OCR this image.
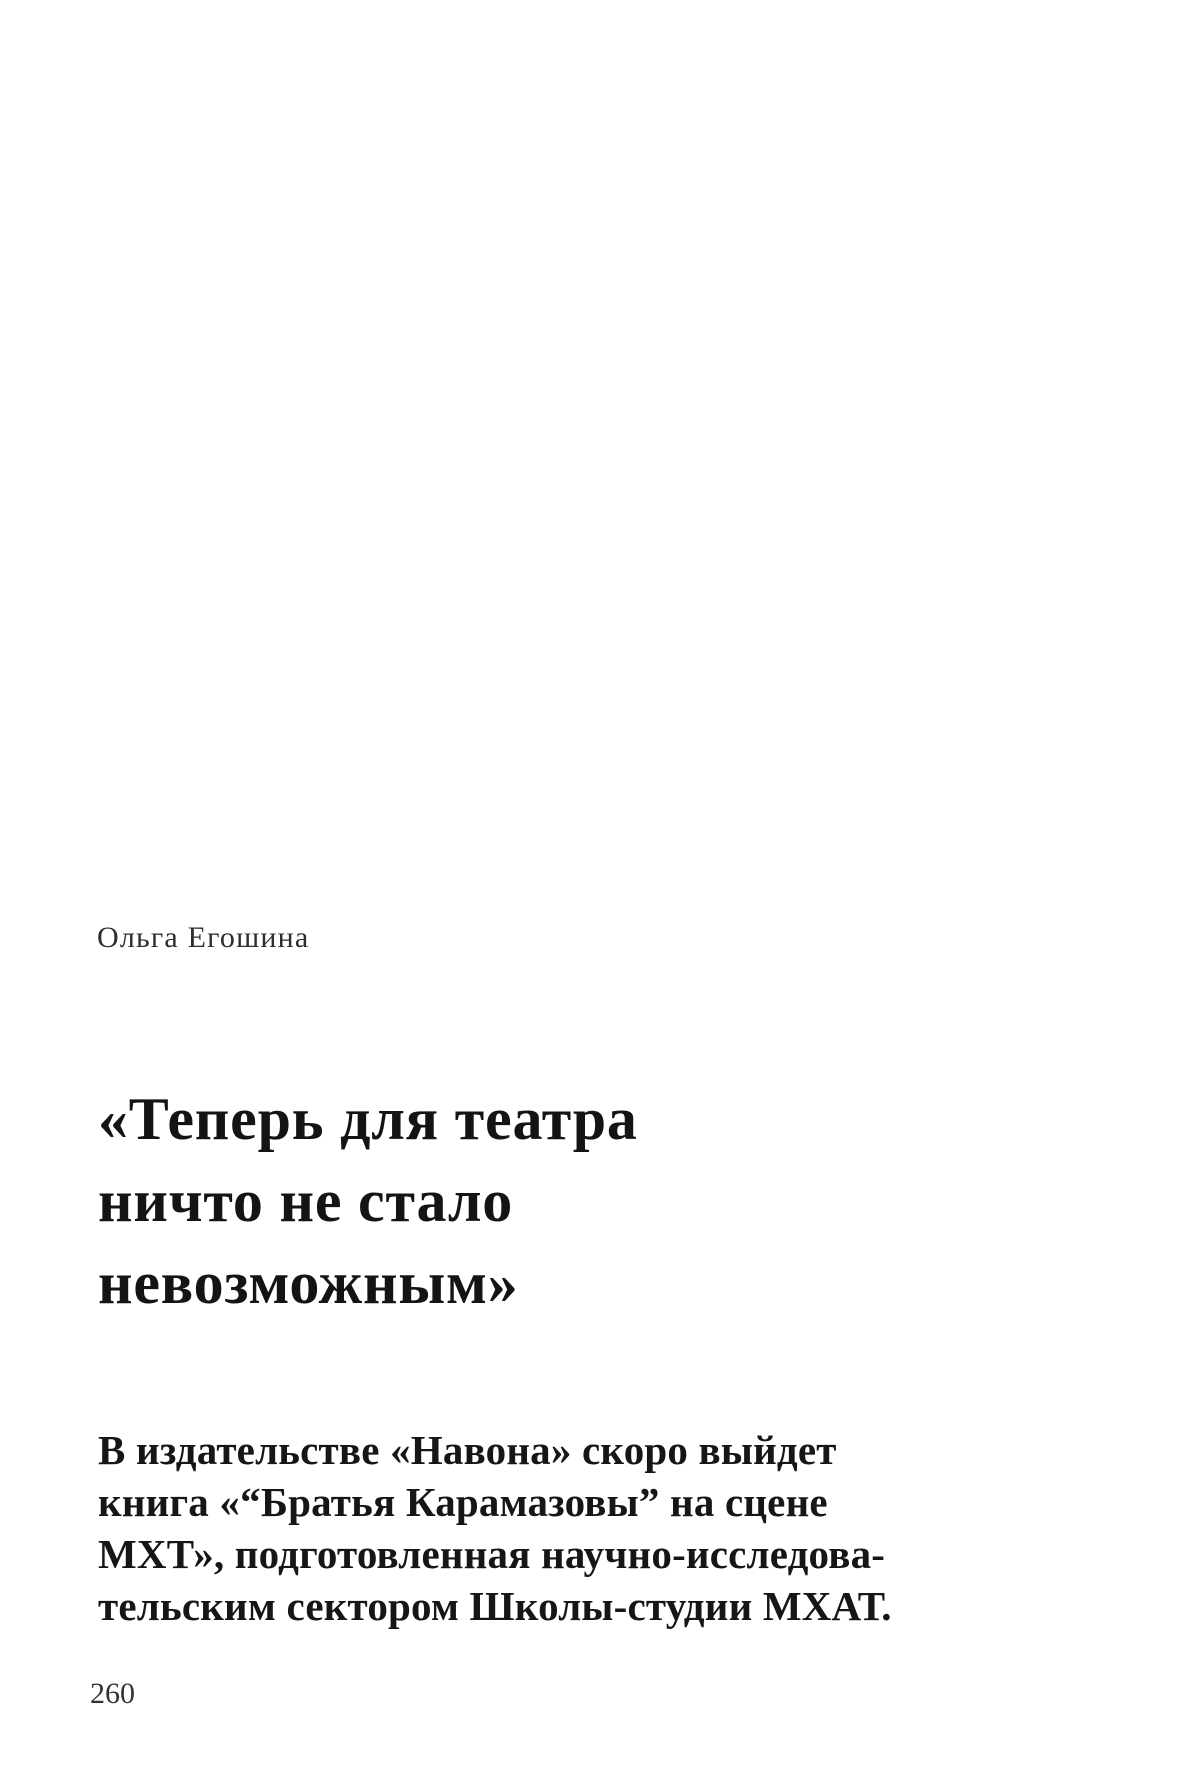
Ольга Егошина
«Теперь для театра
ничто не стало
невозможным»
В издательстве «Навона» скоро выйдет
книга «“Братья Карамазовы” на сцене
МХТ», подготовленная научно-исследова-
тельским сектором Школы-студии МХАТ.
260
